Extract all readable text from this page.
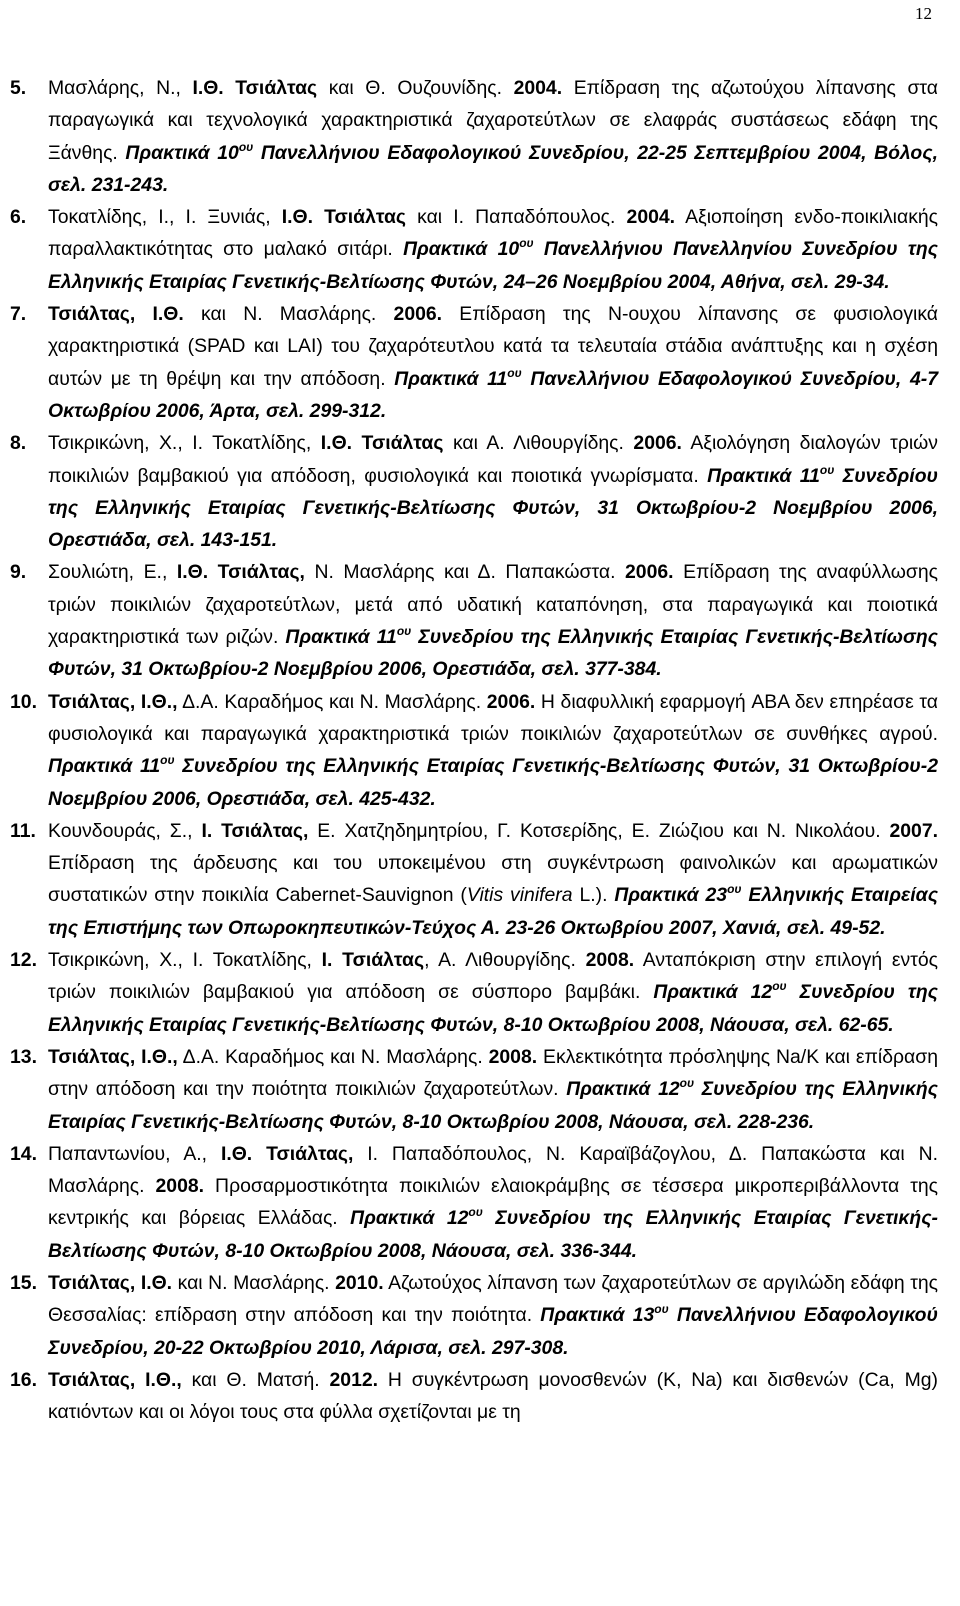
12
5. Μασλάρης, Ν., Ι.Θ. Τσιάλτας και Θ. Ουζουνίδης. 2004. Επίδραση της αζωτούχου λίπανσης στα παραγωγικά και τεχνολογικά χαρακτηριστικά ζαχαροτεύτλων σε ελαφράς συστάσεως εδάφη της Ξάνθης. Πρακτικά $10^{o\upsilon}$ Πανελλήνιου Εδαφολογικού Συνεδρίου, 22-25 Σεπτεμβρίου 2004, Βόλος, σελ. 231-243.
6. Τοκατλίδης, Ι., Ι. Ξυνιάς, Ι.Θ. Τσιάλτας και Ι. Παπαδόπουλος. 2004. Αξιοποίηση ενδο-ποικιλιακής παραλλακτικότητας στο μαλακό σιτάρι. Πρακτικά $10^{o\upsilon}$ Πανελλήνιου Πανελληνίου Συνεδρίου της Ελληνικής Εταιρίας Γενετικής-Βελτίωσης Φυτών, 24–26 Νοεμβρίου 2004, Αθήνα, σελ. 29-34.
7. Τσιάλτας, Ι.Θ. και Ν. Μασλάρης. 2006. Επίδραση της Ν-ουχου λίπανσης σε φυσιολογικά χαρακτηριστικά (SPAD και LAI) του ζαχαρότευτλου κατά τα τελευταία στάδια ανάπτυξης και η σχέση αυτών με τη θρέψη και την απόδοση. Πρακτικά $11^{o\upsilon}$ Πανελλήνιου Εδαφολογικού Συνεδρίου, 4-7 Οκτωβρίου 2006, Άρτα, σελ. 299-312.
8. Τσικρικώνη, Χ., Ι. Τοκατλίδης, Ι.Θ. Τσιάλτας και Α. Λιθουργίδης. 2006. Αξιολόγηση διαλογών τριών ποικιλιών βαμβακιού για απόδοση, φυσιολογικά και ποιοτικά γνωρίσματα. Πρακτικά $11^{o\upsilon}$ Συνεδρίου της Ελληνικής Εταιρίας Γενετικής-Βελτίωσης Φυτών, 31 Οκτωβρίου-2 Νοεμβρίου 2006, Ορεστιάδα, σελ. 143-151.
9. Σουλιώτη, Ε., Ι.Θ. Τσιάλτας, Ν. Μασλάρης και Δ. Παπακώστα. 2006. Επίδραση της αναφύλλωσης τριών ποικιλιών ζαχαροτεύτλων, μετά από υδατική καταπόνηση, στα παραγωγικά και ποιοτικά χαρακτηριστικά των ριζών. Πρακτικά $11^{o\upsilon}$ Συνεδρίου της Ελληνικής Εταιρίας Γενετικής-Βελτίωσης Φυτών, 31 Οκτωβρίου-2 Νοεμβρίου 2006, Ορεστιάδα, σελ. 377-384.
10. Τσιάλτας, Ι.Θ., Δ.Α. Καραδήμος και Ν. Μασλάρης. 2006. Η διαφυλλική εφαρμογή ABA δεν επηρέασε τα φυσιολογικά και παραγωγικά χαρακτηριστικά τριών ποικιλιών ζαχαροτεύτλων σε συνθήκες αγρού. Πρακτικά $11^{o\upsilon}$ Συνεδρίου της Ελληνικής Εταιρίας Γενετικής-Βελτίωσης Φυτών, 31 Οκτωβρίου-2 Νοεμβρίου 2006, Ορεστιάδα, σελ. 425-432.
11. Κουνδουράς, Σ., Ι. Τσιάλτας, Ε. Χατζηδημητρίου, Γ. Κοτσερίδης, Ε. Ζιώζιου και Ν. Νικολάου. 2007. Επίδραση της άρδευσης και του υποκειμένου στη συγκέντρωση φαινολικών και αρωματικών συστατικών στην ποικιλία Cabernet-Sauvignon (Vitis vinifera L.). Πρακτικά $23^{o\upsilon}$ Ελληνικής Εταιρείας της Επιστήμης των Οπωροκηπευτικών-Τεύχος Α. 23-26 Οκτωβρίου 2007, Χανιά, σελ. 49-52.
12. Τσικρικώνη, Χ., Ι. Τοκατλίδης, Ι. Τσιάλτας, Α. Λιθουργίδης. 2008. Ανταπόκριση στην επιλογή εντός τριών ποικιλιών βαμβακιού για απόδοση σε σύσπορο βαμβάκι. Πρακτικά $12^{o\upsilon}$ Συνεδρίου της Ελληνικής Εταιρίας Γενετικής-Βελτίωσης Φυτών, 8-10 Οκτωβρίου 2008, Νάουσα, σελ. 62-65.
13. Τσιάλτας, Ι.Θ., Δ.Α. Καραδήμος και Ν. Μασλάρης. 2008. Εκλεκτικότητα πρόσληψης Na/K και επίδραση στην απόδοση και την ποιότητα ποικιλιών ζαχαροτεύτλων. Πρακτικά $12^{o\upsilon}$ Συνεδρίου της Ελληνικής Εταιρίας Γενετικής-Βελτίωσης Φυτών, 8-10 Οκτωβρίου 2008, Νάουσα, σελ. 228-236.
14. Παπαντωνίου, Α., Ι.Θ. Τσιάλτας, Ι. Παπαδόπουλος, Ν. Καραϊβάζογλου, Δ. Παπακώστα και Ν. Μασλάρης. 2008. Προσαρμοστικότητα ποικιλιών ελαιοκράμβης σε τέσσερα μικροπεριβάλλοντα της κεντρικής και βόρειας Ελλάδας. Πρακτικά $12^{o\upsilon}$ Συνεδρίου της Ελληνικής Εταιρίας Γενετικής-Βελτίωσης Φυτών, 8-10 Οκτωβρίου 2008, Νάουσα, σελ. 336-344.
15. Τσιάλτας, Ι.Θ. και Ν. Μασλάρης. 2010. Αζωτούχος λίπανση των ζαχαροτεύτλων σε αργιλώδη εδάφη της Θεσσαλίας: επίδραση στην απόδοση και την ποιότητα. Πρακτικά $13^{o\upsilon}$ Πανελλήνιου Εδαφολογικού Συνεδρίου, 20-22 Οκτωβρίου 2010, Λάρισα, σελ. 297-308.
16. Τσιάλτας, Ι.Θ., και Θ. Ματσή. 2012. Η συγκέντρωση μονοσθενών (K, Na) και δισθενών (Ca, Mg) κατιόντων και οι λόγοι τους στα φύλλα σχετίζονται με τη
